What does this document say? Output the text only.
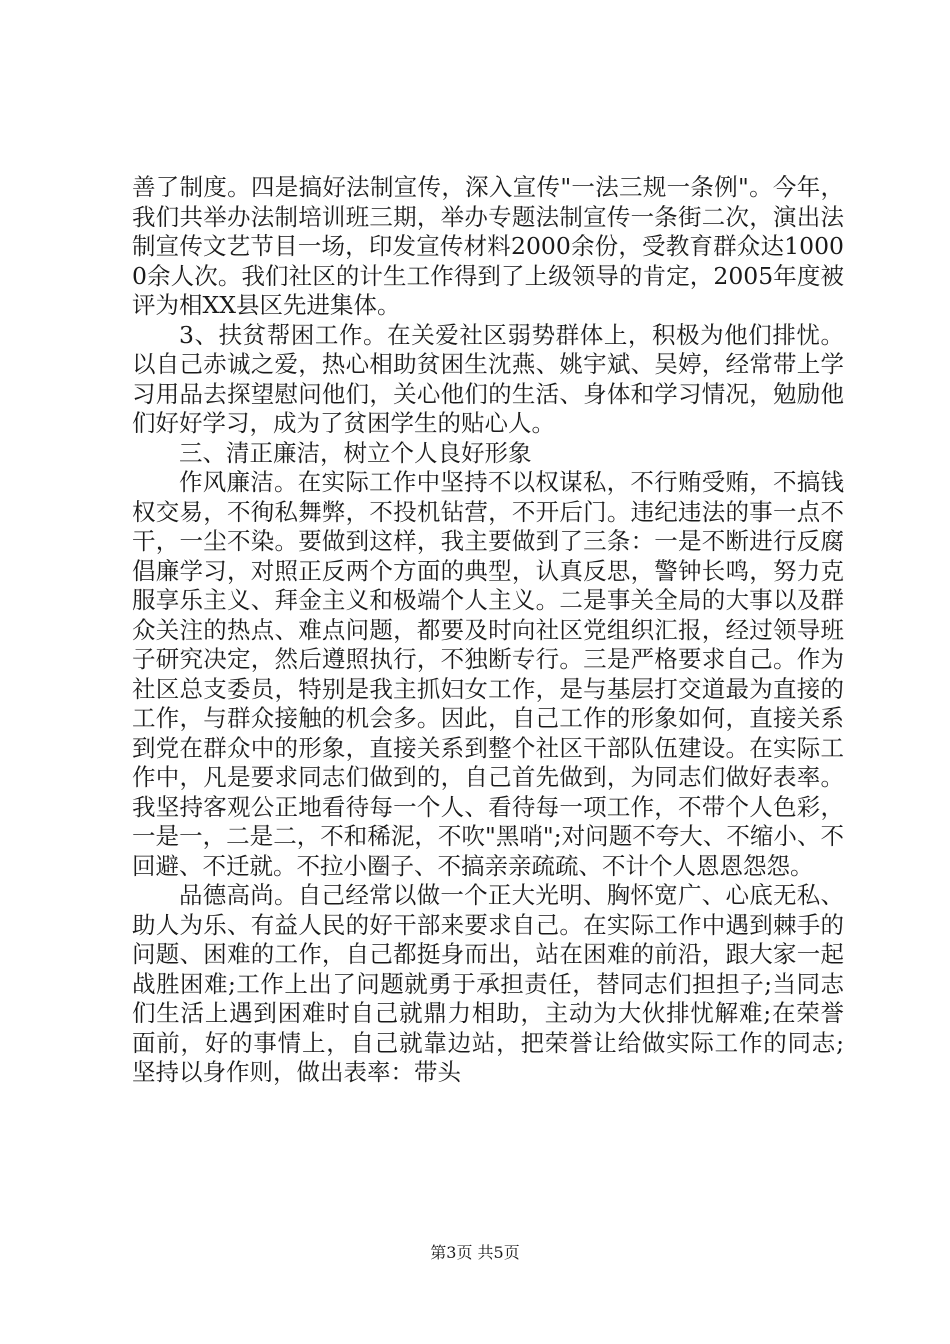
善了制度。四是搞好法制宣传，深入宣传"一法三规一条例"。今年，我们共举办法制培训班三期，举办专题法制宣传一条街二次，演出法制宣传文艺节目一场，印发宣传材料2000余份，受教育群众达10000余人次。我们社区的计生工作得到了上级领导的肯定，2005年度被评为相XX县区先进集体。

3、扶贫帮困工作。在关爱社区弱势群体上，积极为他们排忧。以自己赤诚之爱，热心相助贫困生沈燕、姚宇斌、吴婷，经常带上学习用品去探望慰问他们，关心他们的生活、身体和学习情况，勉励他们好好学习，成为了贫困学生的贴心人。

三、清正廉洁，树立个人良好形象

作风廉洁。在实际工作中坚持不以权谋私，不行贿受贿，不搞钱权交易，不徇私舞弊，不投机钻营，不开后门。违纪违法的事一点不干，一尘不染。要做到这样，我主要做到了三条：一是不断进行反腐倡廉学习，对照正反两个方面的典型，认真反思，警钟长鸣，努力克服享乐主义、拜金主义和极端个人主义。二是事关全局的大事以及群众关注的热点、难点问题，都要及时向社区党组织汇报，经过领导班子研究决定，然后遵照执行，不独断专行。三是严格要求自己。作为社区总支委员，特别是我主抓妇女工作，是与基层打交道最为直接的工作，与群众接触的机会多。因此，自己工作的形象如何，直接关系到党在群众中的形象，直接关系到整个社区干部队伍建设。在实际工作中，凡是要求同志们做到的，自己首先做到，为同志们做好表率。我坚持客观公正地看待每一个人、看待每一项工作，不带个人色彩，一是一，二是二，不和稀泥，不吹"黑哨";对问题不夸大、不缩小、不回避、不迁就。不拉小圈子、不搞亲亲疏疏、不计个人恩恩怨怨。

品德高尚。自己经常以做一个正大光明、胸怀宽广、心底无私、助人为乐、有益人民的好干部来要求自己。在实际工作中遇到棘手的问题、困难的工作，自己都挺身而出，站在困难的前沿，跟大家一起战胜困难;工作上出了问题就勇于承担责任，替同志们担担子;当同志们生活上遇到困难时自己就鼎力相助，主动为大伙排忧解难;在荣誉面前，好的事情上，自己就靠边站，把荣誉让给做实际工作的同志;坚持以身作则，做出表率：带头

第3页 共5页
